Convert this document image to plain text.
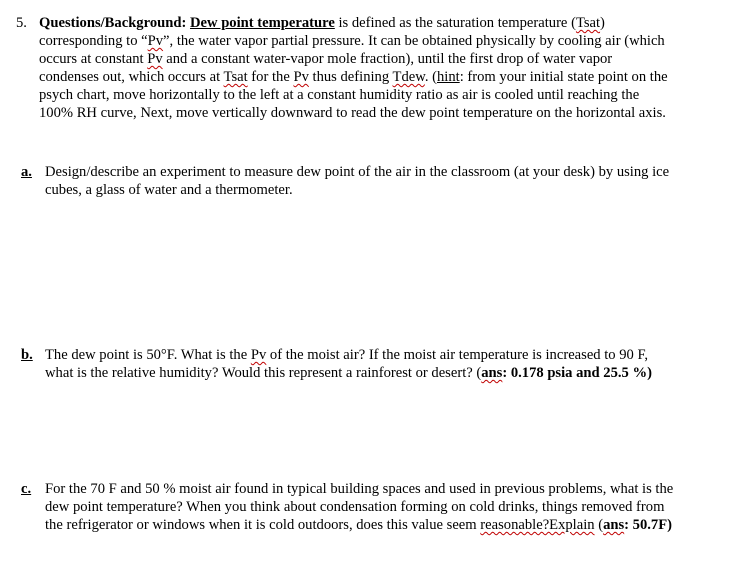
5. Questions/Background: Dew point temperature is defined as the saturation temperature (Tsat)
corresponding to “Pv”, the water vapor partial pressure. It can be obtained physically by cooling air (which
occurs at constant Pv and a constant water-vapor mole fraction), until the first drop of water vapor
condenses out, which occurs at Tsat for the Pv thus defining Tdew. (hint: from your initial state point on the
psych chart, move horizontally to the left at a constant humidity ratio as air is cooled until reaching the
100% RH curve, Next, move vertically downward to read the dew point temperature on the horizontal axis.
a. Design/describe an experiment to measure dew point of the air in the classroom (at your desk) by using ice
cubes, a glass of water and a thermometer.
b. The dew point is 50°F. What is the Pv of the moist air? If the moist air temperature is increased to 90 F,
what is the relative humidity? Would this represent a rainforest or desert? (ans: 0.178 psia and 25.5 %)
c. For the 70 F and 50 % moist air found in typical building spaces and used in previous problems, what is the
dew point temperature? When you think about condensation forming on cold drinks, things removed from
the refrigerator or windows when it is cold outdoors, does this value seem reasonable?Explain (ans: 50.7F)
